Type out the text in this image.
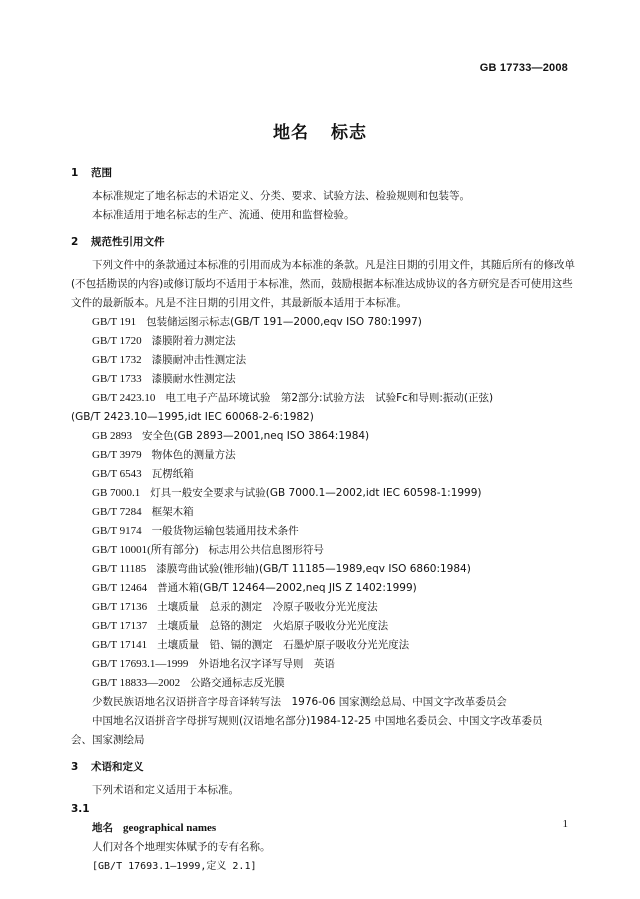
GB 17733—2008
地名 标志
1 范围
本标准规定了地名标志的术语定义、分类、要求、试验方法、检验规则和包装等。
本标准适用于地名标志的生产、流通、使用和监督检验。
2 规范性引用文件
下列文件中的条款通过本标准的引用而成为本标准的条款。凡是注日期的引用文件，其随后所有的修改单(不包括勘误的内容)或修订版均不适用于本标准，然而，鼓励根据本标准达成协议的各方研究是否可使用这些文件的最新版本。凡是不注日期的引用文件，其最新版本适用于本标准。
GB/T 191 包装储运图示标志(GB/T 191—2000,eqv ISO 780:1997)
GB/T 1720 漆膜附着力测定法
GB/T 1732 漆膜耐冲击性测定法
GB/T 1733 漆膜耐水性测定法
GB/T 2423.10 电工电子产品环境试验　第2部分:试验方法　试验Fc和导则:振动(正弦)
(GB/T 2423.10—1995,idt IEC 60068-2-6:1982)
GB 2893 安全色(GB 2893—2001,neq ISO 3864:1984)
GB/T 3979 物体色的测量方法
GB/T 6543 瓦楞纸箱
GB 7000.1 灯具一般安全要求与试验(GB 7000.1—2002,idt IEC 60598-1:1999)
GB/T 7284 框架木箱
GB/T 9174 一般货物运输包装通用技术条件
GB/T 10001(所有部分) 标志用公共信息图形符号
GB/T 11185 漆膜弯曲试验(锥形轴)(GB/T 11185—1989,eqv ISO 6860:1984)
GB/T 12464 普通木箱(GB/T 12464—2002,neq JIS Z 1402:1999)
GB/T 17136 土壤质量　总汞的测定　冷原子吸收分光光度法
GB/T 17137 土壤质量　总铬的测定　火焰原子吸收分光光度法
GB/T 17141 土壤质量　铅、镉的测定　石墨炉原子吸收分光光度法
GB/T 17693.1—1999 外语地名汉字译写导则　英语
GB/T 18833—2002 公路交通标志反光膜
少数民族语地名汉语拼音字母音译转写法　1976-06 国家测绘总局、中国文字改革委员会
中国地名汉语拼音字母拼写规则(汉语地名部分)1984-12-25 中国地名委员会、中国文字改革委员
会、国家测绘局
3 术语和定义
下列术语和定义适用于本标准。
3.1
地名 geographical names
人们对各个地理实体赋予的专有名称。
[GB/T 17693.1—1999,定义 2.1]
1
